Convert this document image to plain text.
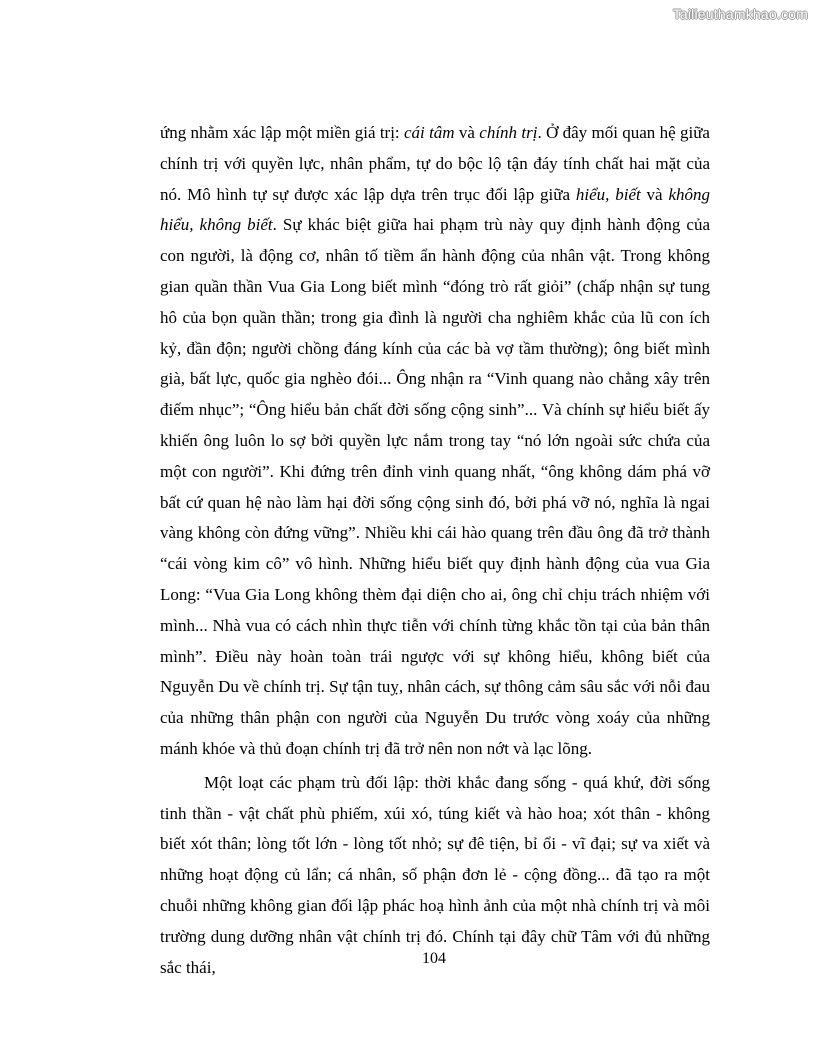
Tailieuthamkhao.com

ứng nhằm xác lập một miền giá trị: cái tâm và chính trị. Ở đây mối quan hệ giữa chính trị với quyền lực, nhân phẩm, tự do bộc lộ tận đáy tính chất hai mặt của nó. Mô hình tự sự được xác lập dựa trên trục đối lập giữa hiểu, biết và không hiểu, không biết. Sự khác biệt giữa hai phạm trù này quy định hành động của con người, là động cơ, nhân tố tiềm ẩn hành động của nhân vật. Trong không gian quần thần Vua Gia Long biết mình “đóng trò rất giỏi” (chấp nhận sự tung hô của bọn quần thần; trong gia đình là người cha nghiêm khắc của lũ con ích kỷ, đần độn; người chồng đáng kính của các bà vợ tầm thường); ông biết mình già, bất lực, quốc gia nghèo đói... Ông nhận ra “Vinh quang nào chẳng xây trên điếm nhục”; “Ông hiểu bản chất đời sống cộng sinh”... Và chính sự hiểu biết ấy khiến ông luôn lo sợ bởi quyền lực nắm trong tay “nó lớn ngoài sức chứa của một con người”. Khi đứng trên đỉnh vinh quang nhất, “ông không dám phá vỡ bất cứ quan hệ nào làm hại đời sống cộng sinh đó, bởi phá vỡ nó, nghĩa là ngai vàng không còn đứng vững”. Nhiều khi cái hào quang trên đầu ông đã trở thành “cái vòng kim cô” vô hình. Những hiểu biết quy định hành động của vua Gia Long: “Vua Gia Long không thèm đại diện cho ai, ông chỉ chịu trách nhiệm với mình... Nhà vua có cách nhìn thực tiễn với chính từng khắc tồn tại của bản thân mình”. Điều này hoàn toàn trái ngược với sự không hiểu, không biết của Nguyễn Du về chính trị. Sự tận tuỵ, nhân cách, sự thông cảm sâu sắc với nỗi đau của những thân phận con người của Nguyễn Du trước vòng xoáy của những mánh khóe và thủ đoạn chính trị đã trở nên non nớt và lạc lõng.

Một loạt các phạm trù đối lập: thời khắc đang sống - quá khứ, đời sống tinh thần - vật chất phù phiếm, xúi xó, túng kiết và hào hoa; xót thân - không biết xót thân; lòng tốt lớn - lòng tốt nhỏ; sự đê tiện, bỉ ổi - vĩ đại; sự va xiết và những hoạt động củ lẩn; cá nhân, số phận đơn lẻ - cộng đồng... đã tạo ra một chuỗi những không gian đối lập phác hoạ hình ảnh của một nhà chính trị và môi trường dung dưỡng nhân vật chính trị đó. Chính tại đây chữ Tâm với đủ những sắc thái,	104
